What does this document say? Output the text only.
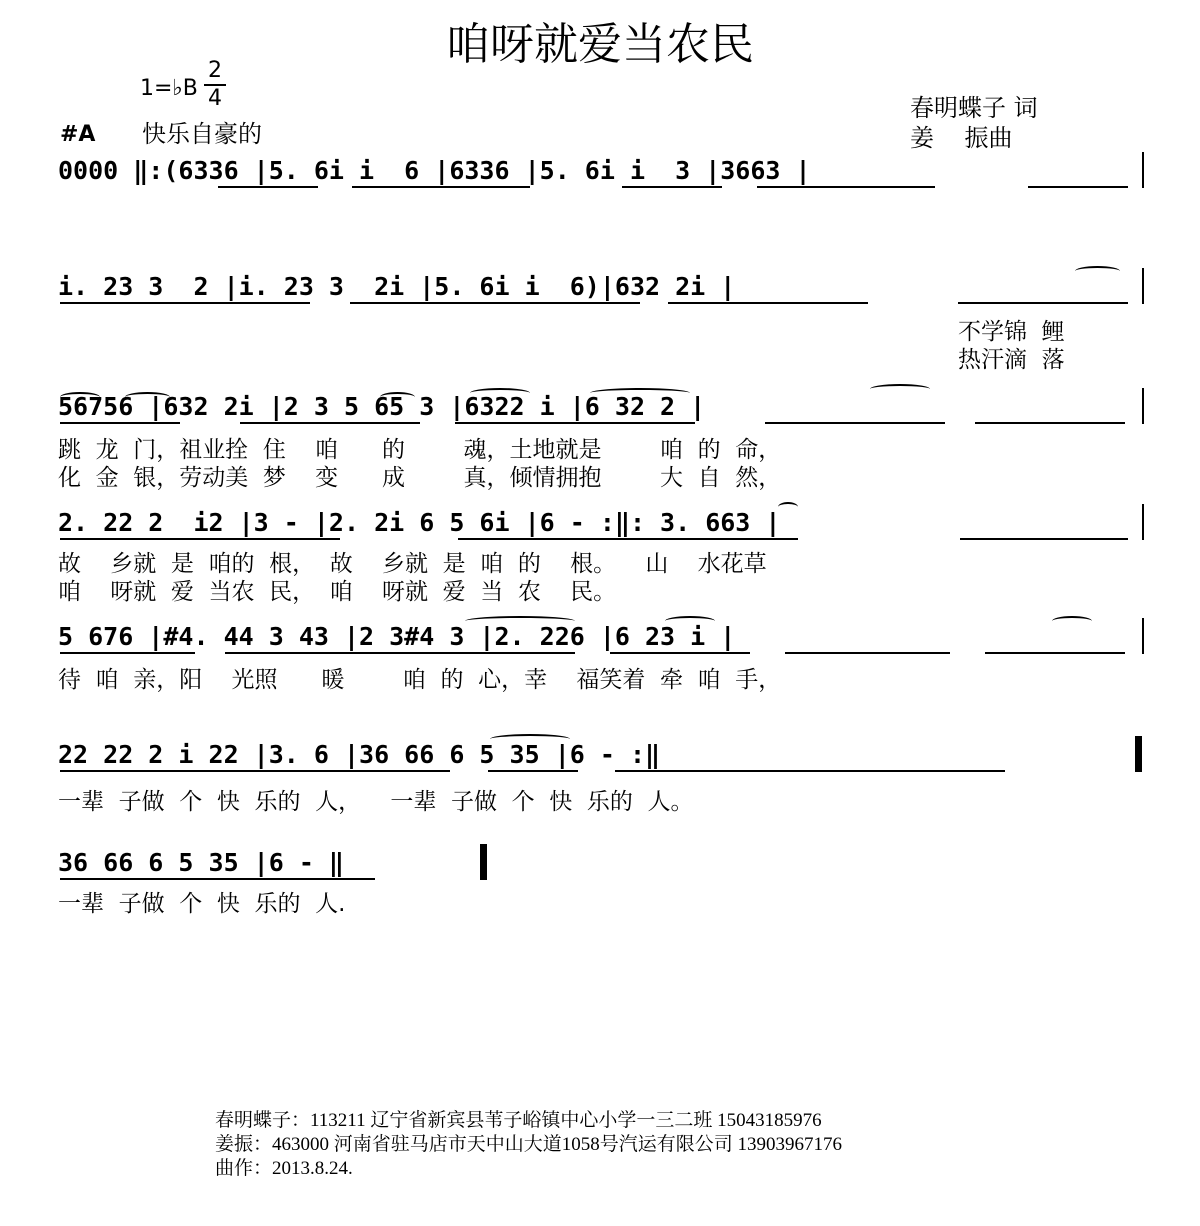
咱呀就爱当农民
1=♭B
2
4
#A 快乐自豪的
春明蝶子 词
姜    振曲
0000 ‖:(6336 |5. 6i i  6 |6336 |5. 6i i  3 |3663 |
i. 23 3  2 |i. 23 3  2i |5. 6i i  6)|632 2i |
不学锦  鲤
热汗滴  落
56756 |632 2i |2 3 5 65 3 |6322 i |6 32 2 |
跳  龙  门，祖业拴  住    咱      的        魂，土地就是        咱  的  命，
化  金  银，劳动美  梦    变      成        真，倾情拥抱        大  自  然，
2. 22 2  i2 |3 - |2. 2i 6 5 6i |6 - :‖: 3. 663 |
故    乡就  是  咱的  根，  故    乡就  是  咱  的    根。    山    水花草
咱    呀就  爱  当农  民，  咱    呀就  爱  当  农    民。
5 676 |#4. 44 3 43 |2 3#4 3 |2. 226 |6 23 i |
待  咱  亲，阳    光照      暖        咱  的  心，幸    福笑着  牵  咱  手，
22 22 2 i 22 |3. 6 |36 66 6 5 35 |6 - :‖
一辈  子做  个  快  乐的  人，    一辈  子做  个  快  乐的  人。
36 66 6 5 35 |6 - ‖
一辈  子做  个  快  乐的  人.
春明蝶子：113211 辽宁省新宾县苇子峪镇中心小学一三二班 15043185976
姜振：463000 河南省驻马店市天中山大道1058号汽运有限公司 13903967176
曲作：2013.8.24.
